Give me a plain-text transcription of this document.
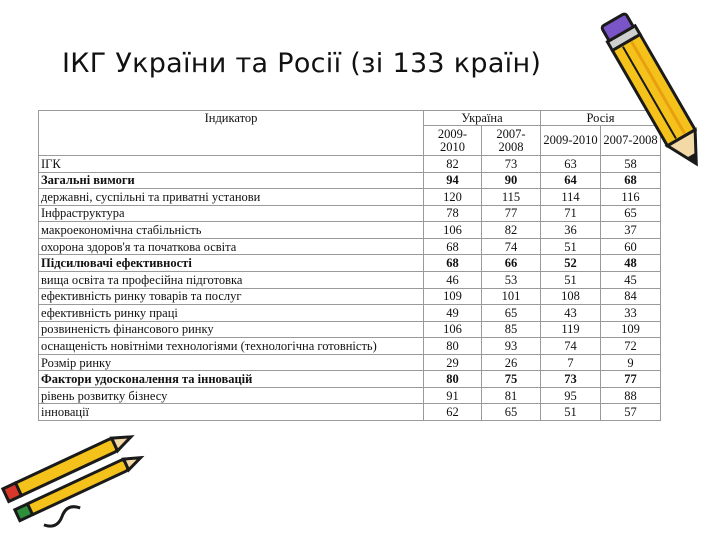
ІКГ України та Росії (зі 133 країн)
Індикатор	Україна		Росія	
	2009-2010	2007-2008	2009-2010	2007-2008
ІГК	82	73	63	58
Загальні вимоги	94	90	64	68
державні, суспільні та приватні установи	120	115	114	116
Інфраструктура	78	77	71	65
макроекономічна стабільність	106	82	36	37
охорона здоров'я та початкова освіта	68	74	51	60
Підсилювачі ефективності	68	66	52	48
вища освіта та професійна підготовка	46	53	51	45
ефективність ринку товарів та послуг	109	101	108	84
ефективність ринку праці	49	65	43	33
розвиненість фінансового ринку	106	85	119	109
оснащеність новітніми технологіями (технологічна готовність)	80	93	74	72
Розмір ринку	29	26	7	9
Фактори удосконалення та інновацій	80	75	73	77
рівень розвитку бізнесу	91	81	95	88
інновації	62	65	51	57
